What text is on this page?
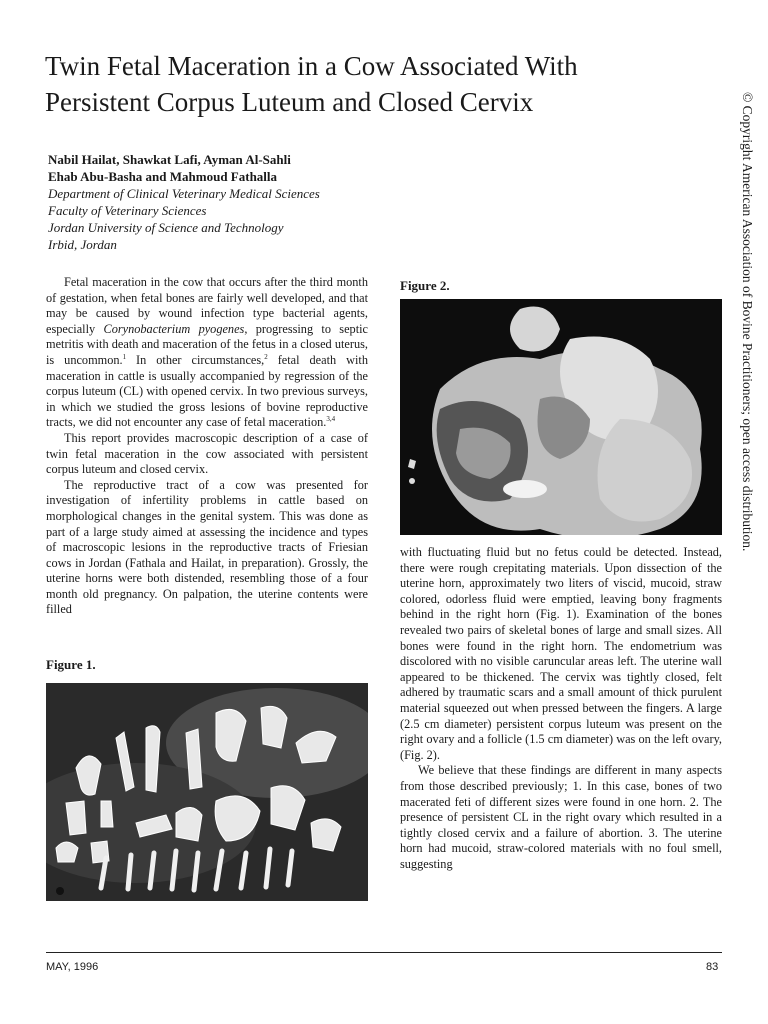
Twin Fetal Maceration in a Cow Associated With
Persistent Corpus Luteum and Closed Cervix
Nabil Hailat, Shawkat Lafi, Ayman Al-Sahli
Ehab Abu-Basha and Mahmoud Fathalla
Department of Clinical Veterinary Medical Sciences
Faculty of Veterinary Sciences
Jordan University of Science and Technology
Irbid, Jordan	© Copyright American Association of Bovine Practitioners; open access distribution.

Fetal maceration in the cow that occurs after the third month of gestation, when fetal bones are fairly well developed, and that may be caused by wound infection type bacterial agents, especially Corynobacterium pyogenes, progressing to septic metritis with death and maceration of the fetus in a closed uterus, is uncommon.$^1$ In other circumstances,$^2$ fetal death with maceration in cattle is usually accompanied by regression of the corpus luteum (CL) with opened cervix. In two previous surveys, in which we studied the gross lesions of bovine reproductive tracts, we did not encounter any case of fetal maceration.$^{3,4}$

This report provides macroscopic description of a case of twin fetal maceration in the cow associated with persistent corpus luteum and closed cervix.

The reproductive tract of a cow was presented for investigation of infertility problems in cattle based on morphological changes in the genital system. This was done as part of a large study aimed at assessing the incidence and types of macroscopic lesions in the reproductive tracts of Friesian cows in Jordan (Fathala and Hailat, in preparation). Grossly, the uterine horns were both distended, resembling those of a four month old pregnancy. On palpation, the uterine contents were filled

Figure 1.
Figure 2.

with fluctuating fluid but no fetus could be detected. Instead, there were rough crepitating materials. Upon dissection of the uterine horn, approximately two liters of viscid, mucoid, straw colored, odorless fluid were emptied, leaving bony fragments behind in the right horn (Fig. 1). Examination of the bones revealed two pairs of skeletal bones of large and small sizes. All bones were found in the right horn. The endometrium was discolored with no visible caruncular areas left. The uterine wall appeared to be thickened. The cervix was tightly closed, felt adhered by traumatic scars and a small amount of thick purulent material squeezed out when pressed between the fingers. A large (2.5 cm diameter) persistent corpus luteum was present on the right ovary and a follicle (1.5 cm diameter) was on the left ovary, (Fig. 2).

We believe that these findings are different in many aspects from those described previously; 1. In this case, bones of two macerated feti of different sizes were found in one horn. 2. The presence of persistent CL in the right ovary which resulted in a tightly closed cervix and a failure of abortion. 3. The uterine horn had mucoid, straw-colored materials with no foul smell, suggesting

MAY, 1996	83
